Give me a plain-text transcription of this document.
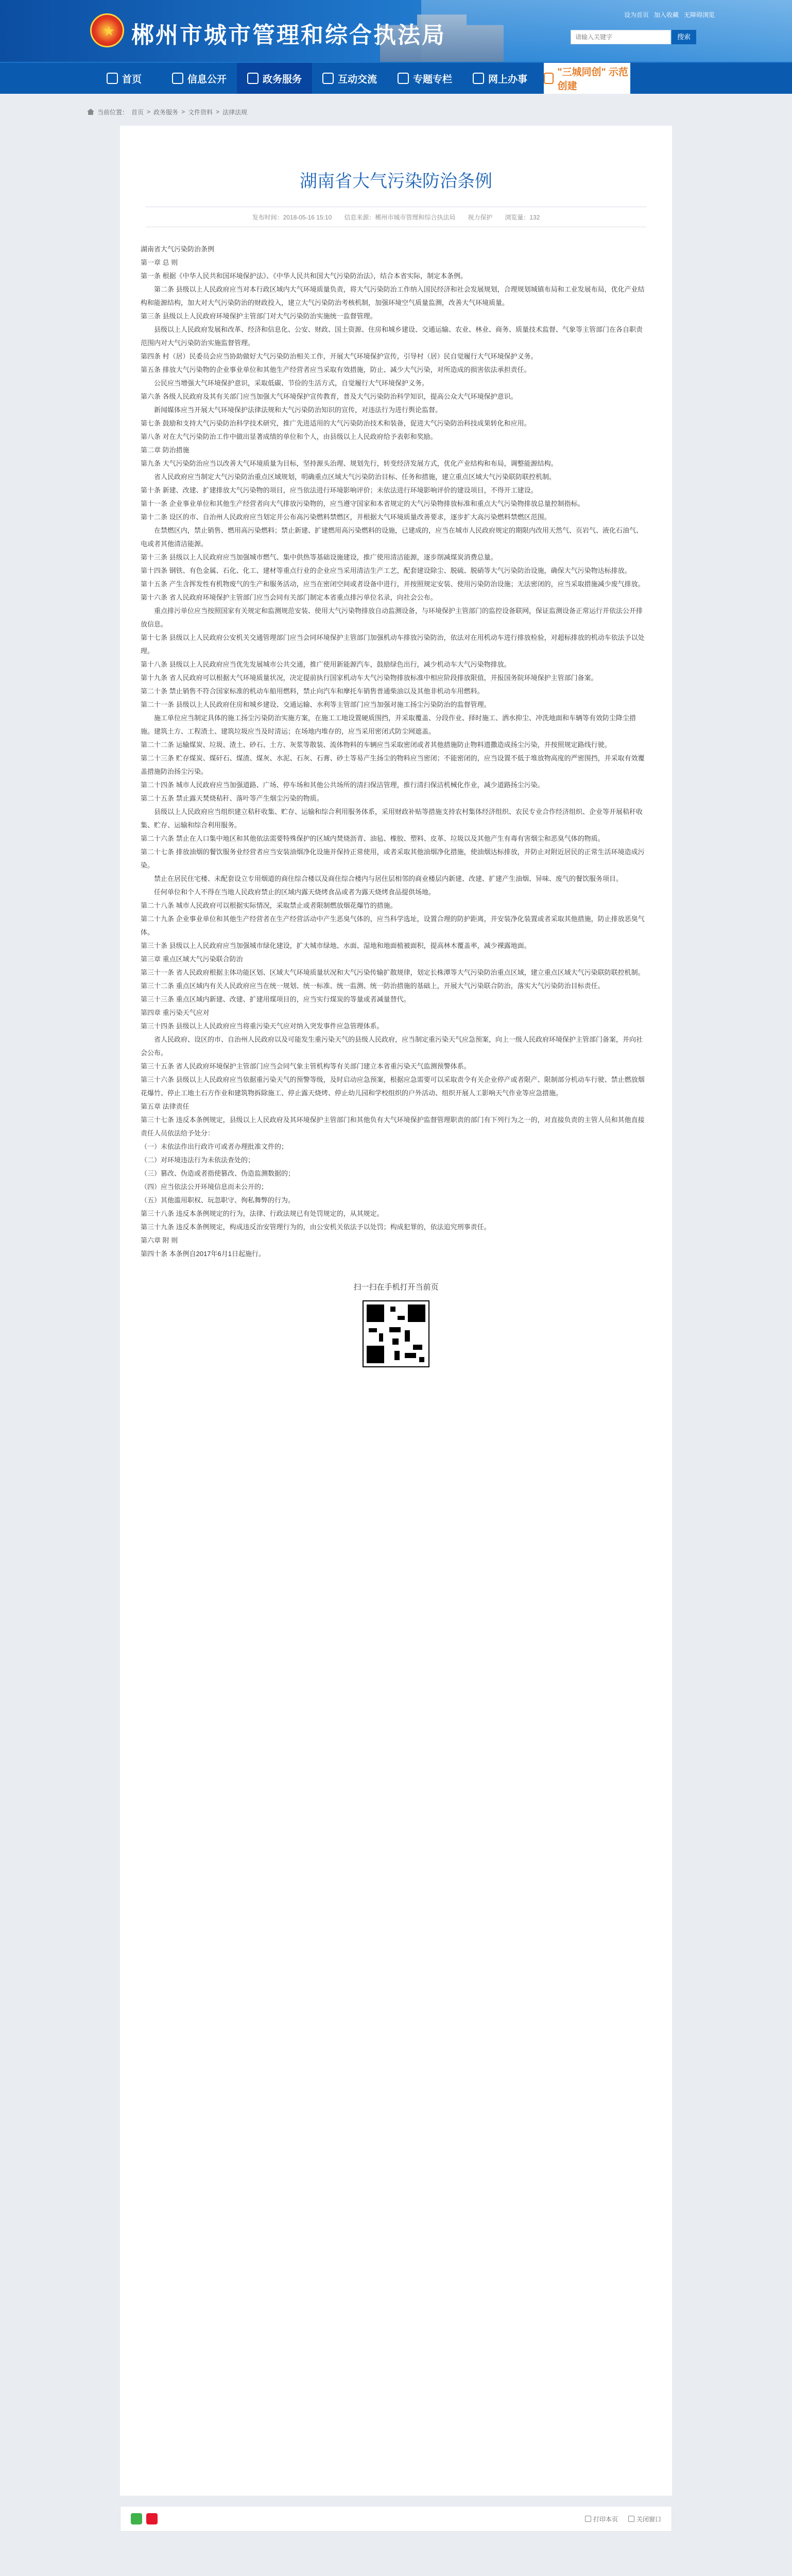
★ 郴州市城市管理和综合执法局
设为首页 加入收藏 无障碍浏览
请输入关键字
搜索
首页	信息公开	政务服务	互动交流	专题专栏	网上办事
"三城同创" 示范创建
当前位置： 首页 > 政务服务 > 文件资料 > 法律法规
湖南省大气污染防治条例
发布时间：2018-05-16 15:10 信息来源：郴州市城市管理和综合执法局 视力保护 浏览量：132

湖南省大气污染防治条例

第一章 总 则

第一条 根据《中华人民共和国环境保护法》、《中华人民共和国大气污染防治法》，结合本省实际，制定本条例。

第二条 县级以上人民政府应当对本行政区域内大气环境质量负责，将大气污染防治工作纳入国民经济和社会发展规划，合理规划城镇布局和工业发展布局，优化产业结构和能源结构，加大对大气污染防治的财政投入，建立大气污染防治考核机制，加强环境空气质量监测，改善大气环境质量。

第三条 县级以上人民政府环境保护主管部门对大气污染防治实施统一监督管理。

县级以上人民政府发展和改革、经济和信息化、公安、财政、国土资源、住房和城乡建设、交通运输、农业、林业、商务、质量技术监督、气象等主管部门在各自职责范围内对大气污染防治实施监督管理。

第四条 村（居）民委员会应当协助做好大气污染防治相关工作，开展大气环境保护宣传，引导村（居）民自觉履行大气环境保护义务。

第五条 排放大气污染物的企业事业单位和其他生产经营者应当采取有效措施，防止、减少大气污染，对所造成的损害依法承担责任。

公民应当增强大气环境保护意识，采取低碳、节俭的生活方式，自觉履行大气环境保护义务。

第六条 各级人民政府及其有关部门应当加强大气环境保护宣传教育，普及大气污染防治科学知识，提高公众大气环境保护意识。

新闻媒体应当开展大气环境保护法律法规和大气污染防治知识的宣传，对违法行为进行舆论监督。

第七条 鼓励和支持大气污染防治科学技术研究，推广先进适用的大气污染防治技术和装备，促进大气污染防治科技成果转化和应用。

第八条 对在大气污染防治工作中做出显著成绩的单位和个人，由县级以上人民政府给予表彰和奖励。

第二章 防治措施

第九条 大气污染防治应当以改善大气环境质量为目标，坚持源头治理、规划先行，转变经济发展方式，优化产业结构和布局，调整能源结构。

省人民政府应当制定大气污染防治重点区域规划，明确重点区域大气污染防治目标、任务和措施，建立重点区域大气污染联防联控机制。

第十条 新建、改建、扩建排放大气污染物的项目，应当依法进行环境影响评价；未依法进行环境影响评价的建设项目，不得开工建设。

第十一条 企业事业单位和其他生产经营者向大气排放污染物的，应当遵守国家和本省规定的大气污染物排放标准和重点大气污染物排放总量控制指标。

第十二条 设区的市、自治州人民政府应当划定并公布高污染燃料禁燃区，并根据大气环境质量改善要求，逐步扩大高污染燃料禁燃区范围。

在禁燃区内，禁止销售、燃用高污染燃料；禁止新建、扩建燃用高污染燃料的设施，已建成的，应当在城市人民政府规定的期限内改用天然气、页岩气、液化石油气、电或者其他清洁能源。

第十三条 县级以上人民政府应当加强城市燃气、集中供热等基础设施建设，推广使用清洁能源，逐步削减煤炭消费总量。

第十四条 钢铁、有色金属、石化、化工、建材等重点行业的企业应当采用清洁生产工艺，配套建设除尘、脱硫、脱硝等大气污染防治设施，确保大气污染物达标排放。

第十五条 产生含挥发性有机物废气的生产和服务活动，应当在密闭空间或者设备中进行，并按照规定安装、使用污染防治设施；无法密闭的，应当采取措施减少废气排放。

第十六条 省人民政府环境保护主管部门应当会同有关部门制定本省重点排污单位名录，向社会公布。

重点排污单位应当按照国家有关规定和监测规范安装、使用大气污染物排放自动监测设备，与环境保护主管部门的监控设备联网，保证监测设备正常运行并依法公开排放信息。

第十七条 县级以上人民政府公安机关交通管理部门应当会同环境保护主管部门加强机动车排放污染防治，依法对在用机动车进行排放检验，对超标排放的机动车依法予以处理。

第十八条 县级以上人民政府应当优先发展城市公共交通，推广使用新能源汽车，鼓励绿色出行，减少机动车大气污染物排放。

第十九条 省人民政府可以根据大气环境质量状况，决定提前执行国家机动车大气污染物排放标准中相应阶段排放限值，并报国务院环境保护主管部门备案。

第二十条 禁止销售不符合国家标准的机动车船用燃料，禁止向汽车和摩托车销售普通柴油以及其他非机动车用燃料。

第二十一条 县级以上人民政府住房和城乡建设、交通运输、水利等主管部门应当加强对施工扬尘污染防治的监督管理。

施工单位应当制定具体的施工扬尘污染防治实施方案，在施工工地设置硬质围挡，并采取覆盖、分段作业、择时施工、洒水抑尘、冲洗地面和车辆等有效防尘降尘措施。建筑土方、工程渣土、建筑垃圾应当及时清运；在场地内堆存的，应当采用密闭式防尘网遮盖。

第二十二条 运输煤炭、垃圾、渣土、砂石、土方、灰浆等散装、流体物料的车辆应当采取密闭或者其他措施防止物料遗撒造成扬尘污染，并按照规定路线行驶。

第二十三条 贮存煤炭、煤矸石、煤渣、煤灰、水泥、石灰、石膏、砂土等易产生扬尘的物料应当密闭；不能密闭的，应当设置不低于堆放物高度的严密围挡，并采取有效覆盖措施防治扬尘污染。

第二十四条 城市人民政府应当加强道路、广场、停车场和其他公共场所的清扫保洁管理，推行清扫保洁机械化作业，减少道路扬尘污染。

第二十五条 禁止露天焚烧秸秆、落叶等产生烟尘污染的物质。

县级以上人民政府应当组织建立秸秆收集、贮存、运输和综合利用服务体系，采用财政补贴等措施支持农村集体经济组织、农民专业合作经济组织、企业等开展秸秆收集、贮存、运输和综合利用服务。

第二十六条 禁止在人口集中地区和其他依法需要特殊保护的区域内焚烧沥青、油毡、橡胶、塑料、皮革、垃圾以及其他产生有毒有害烟尘和恶臭气体的物质。

第二十七条 排放油烟的餐饮服务业经营者应当安装油烟净化设施并保持正常使用，或者采取其他油烟净化措施，使油烟达标排放，并防止对附近居民的正常生活环境造成污染。

禁止在居民住宅楼、未配套设立专用烟道的商住综合楼以及商住综合楼内与居住层相邻的商业楼层内新建、改建、扩建产生油烟、异味、废气的餐饮服务项目。

任何单位和个人不得在当地人民政府禁止的区域内露天烧烤食品或者为露天烧烤食品提供场地。

第二十八条 城市人民政府可以根据实际情况，采取禁止或者限制燃放烟花爆竹的措施。

第二十九条 企业事业单位和其他生产经营者在生产经营活动中产生恶臭气体的，应当科学选址，设置合理的防护距离，并安装净化装置或者采取其他措施，防止排放恶臭气体。

第三十条 县级以上人民政府应当加强城市绿化建设，扩大城市绿地、水面、湿地和地面植被面积，提高林木覆盖率，减少裸露地面。

第三章 重点区域大气污染联合防治

第三十一条 省人民政府根据主体功能区划、区域大气环境质量状况和大气污染传输扩散规律，划定长株潭等大气污染防治重点区域，建立重点区域大气污染联防联控机制。

第三十二条 重点区域内有关人民政府应当在统一规划、统一标准、统一监测、统一防治措施的基础上，开展大气污染联合防治，落实大气污染防治目标责任。

第三十三条 重点区域内新建、改建、扩建用煤项目的，应当实行煤炭的等量或者减量替代。

第四章 重污染天气应对

第三十四条 县级以上人民政府应当将重污染天气应对纳入突发事件应急管理体系。

省人民政府、设区的市、自治州人民政府以及可能发生重污染天气的县级人民政府，应当制定重污染天气应急预案，向上一级人民政府环境保护主管部门备案，并向社会公布。

第三十五条 省人民政府环境保护主管部门应当会同气象主管机构等有关部门建立本省重污染天气监测预警体系。

第三十六条 县级以上人民政府应当依据重污染天气的预警等级，及时启动应急预案，根据应急需要可以采取责令有关企业停产或者限产、限制部分机动车行驶、禁止燃放烟花爆竹、停止工地土石方作业和建筑物拆除施工、停止露天烧烤、停止幼儿园和学校组织的户外活动、组织开展人工影响天气作业等应急措施。

第五章 法律责任

第三十七条 违反本条例规定，县级以上人民政府及其环境保护主管部门和其他负有大气环境保护监督管理职责的部门有下列行为之一的，对直接负责的主管人员和其他直接责任人员依法给予处分：

（一）未依法作出行政许可或者办理批准文件的；

（二）对环境违法行为未依法查处的；

（三）篡改、伪造或者指使篡改、伪造监测数据的；

（四）应当依法公开环境信息而未公开的；

（五）其他滥用职权、玩忽职守、徇私舞弊的行为。

第三十八条 违反本条例规定的行为，法律、行政法规已有处罚规定的，从其规定。

第三十九条 违反本条例规定，构成违反治安管理行为的，由公安机关依法予以处罚；构成犯罪的，依法追究刑事责任。

第六章 附 则

第四十条 本条例自2017年6月1日起施行。

扫一扫在手机打开当前页
打印本页	关闭窗口
